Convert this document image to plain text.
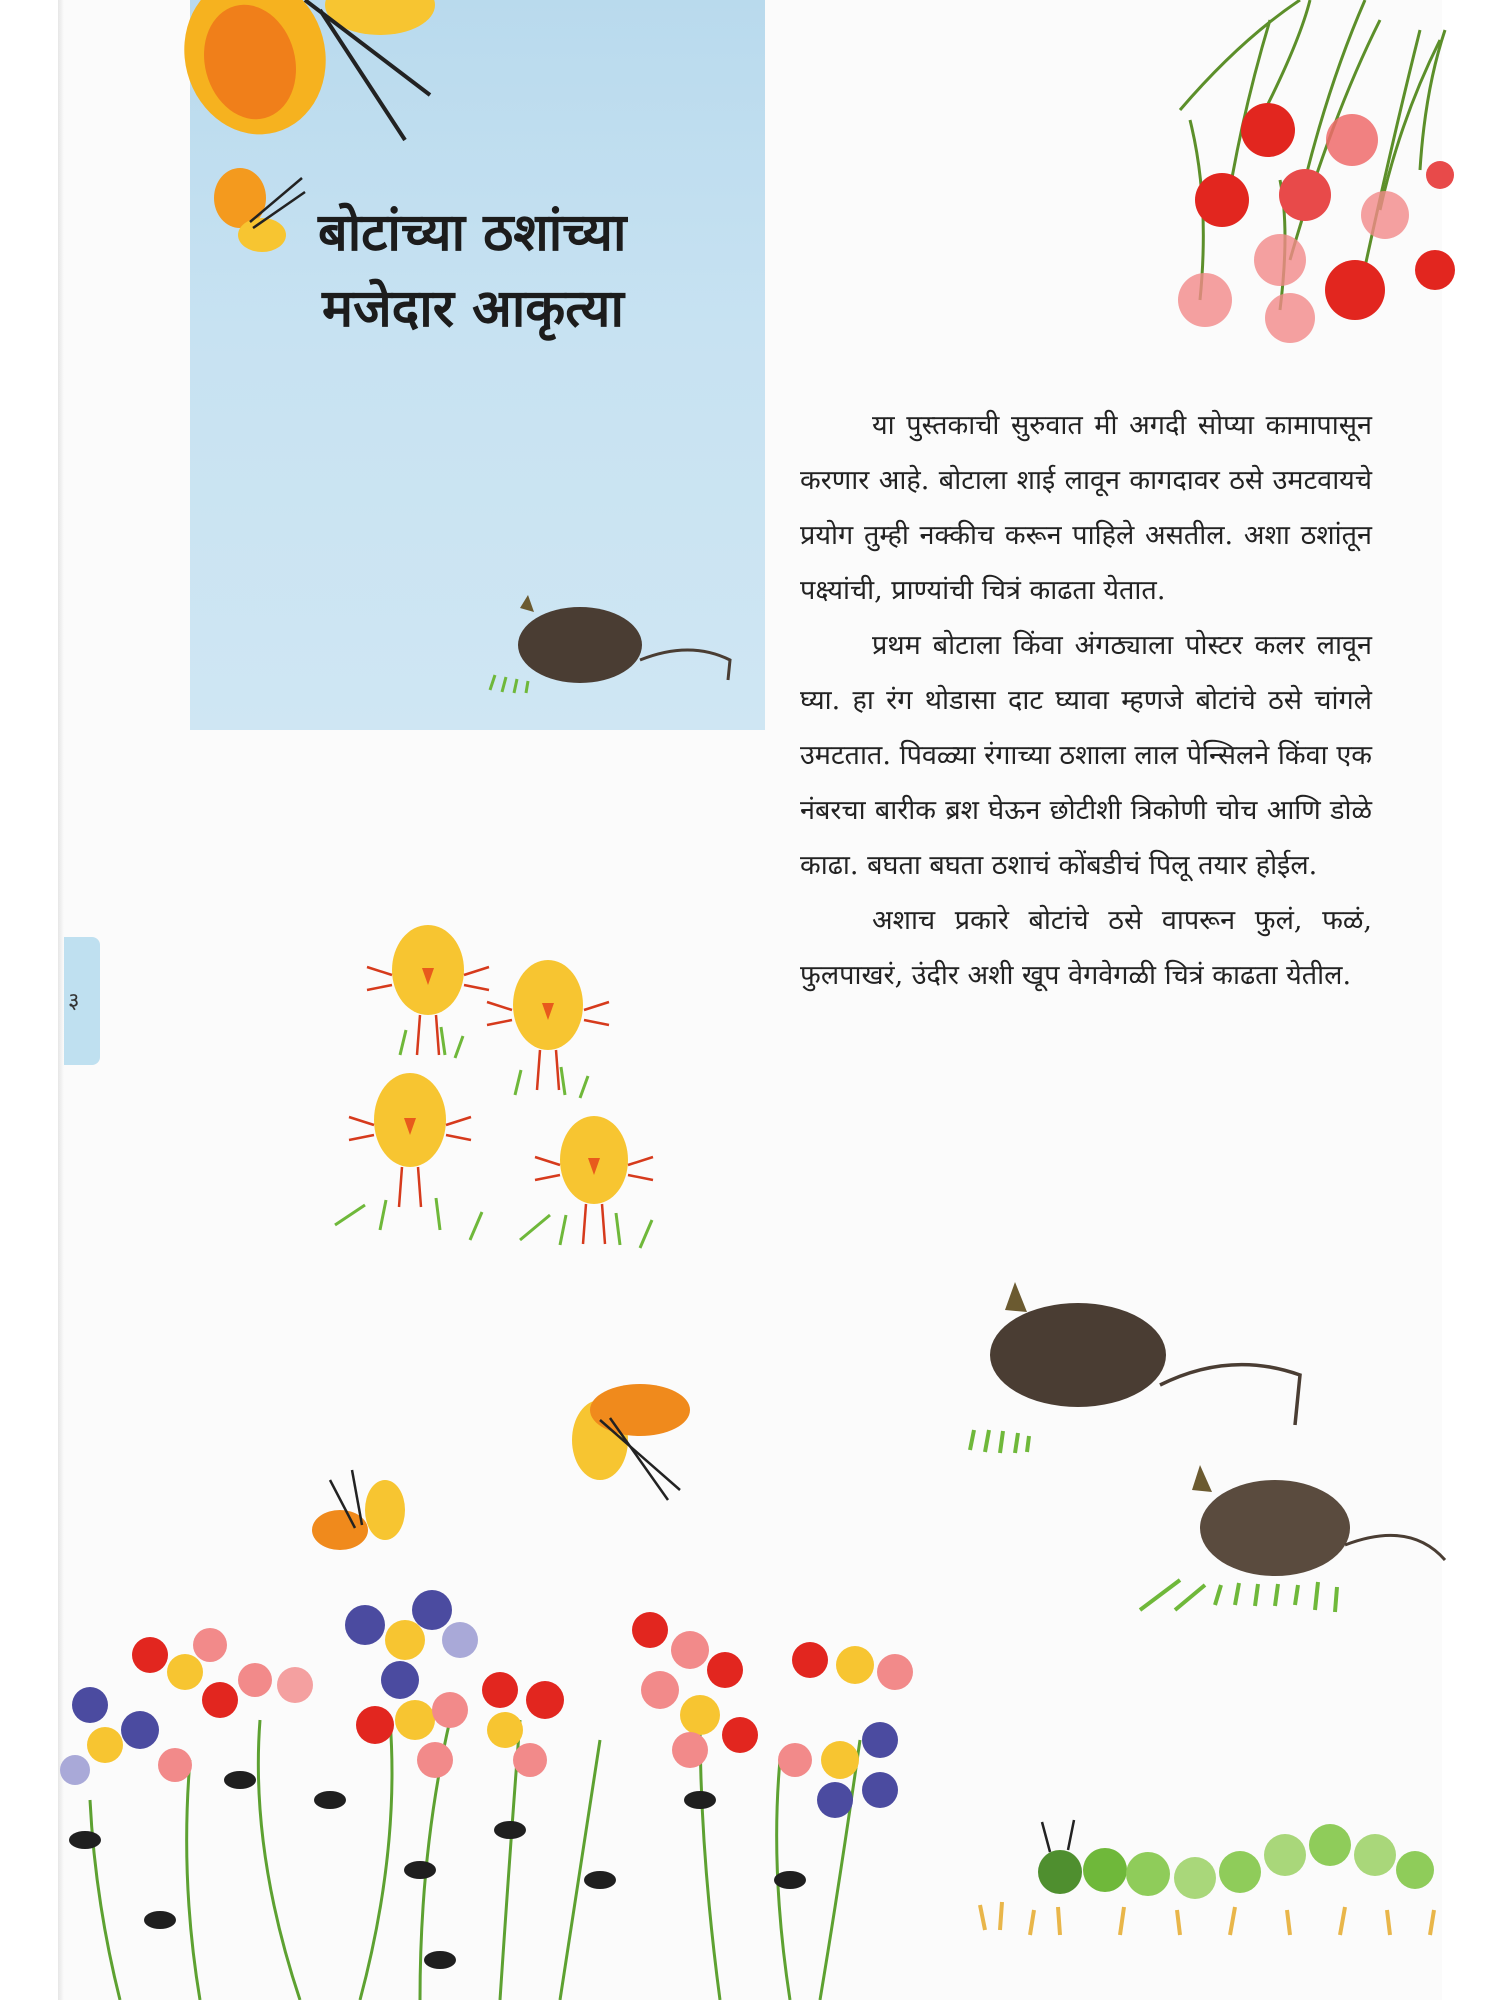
बोटांच्या ठशांच्या

मजेदार आकृत्या

या पुस्तकाची सुरुवात मी अगदी सोप्या कामापासून करणार आहे. बोटाला शाई लावून कागदावर ठसे उमटवायचे प्रयोग तुम्ही नक्कीच करून पाहिले असतील. अशा ठशांतून पक्ष्यांची, प्राण्यांची चित्रं काढता येतात.

प्रथम बोटाला किंवा अंगठ्याला पोस्टर कलर लावून घ्या. हा रंग थोडासा दाट घ्यावा म्हणजे बोटांचे ठसे चांगले उमटतात. पिवळ्या रंगाच्या ठशाला लाल पेन्सिलने किंवा एक नंबरचा बारीक ब्रश घेऊन छोटीशी त्रिकोणी चोच आणि डोळे काढा. बघता बघता ठशाचं कोंबडीचं पिलू तयार होईल.

अशाच प्रकारे बोटांचे ठसे वापरून फुलं, फळं, फुलपाखरं, उंदीर अशी खूप वेगवेगळी चित्रं काढता येतील.

३
